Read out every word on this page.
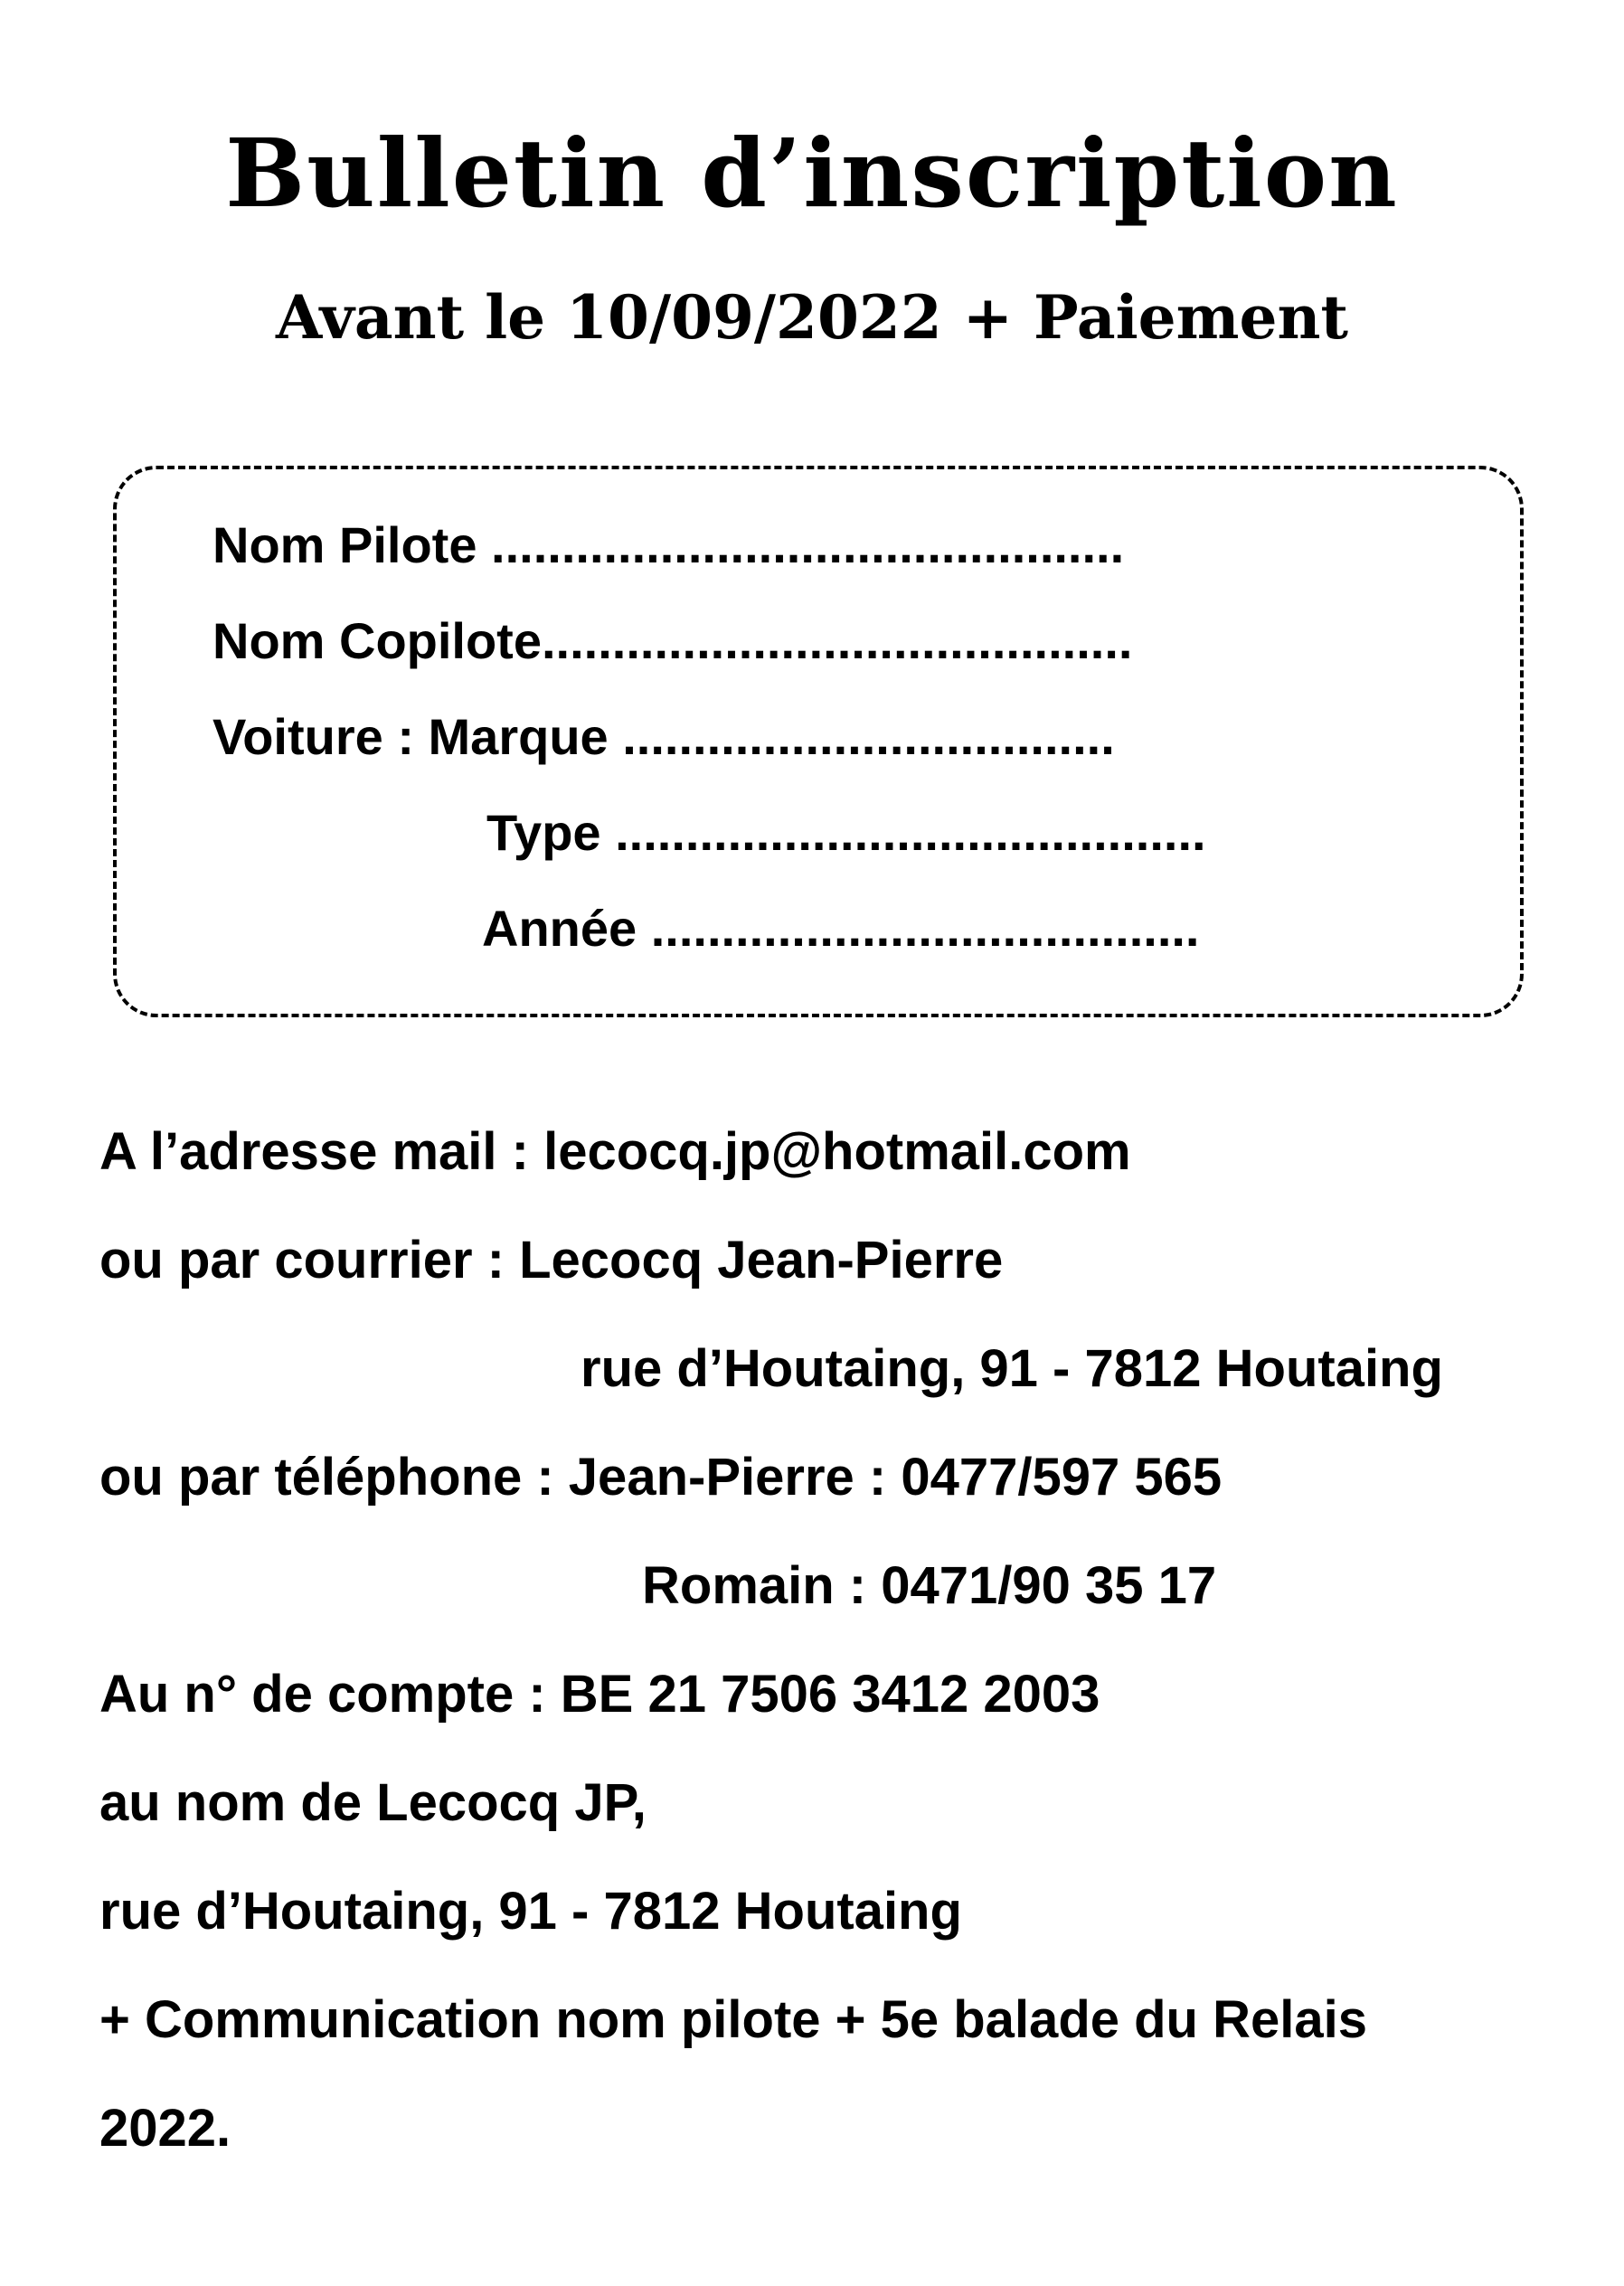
Bulletin d’inscription
Avant le 10/09/2022 + Paiement
Nom Pilote .............................................
Nom Copilote..........................................
Voiture : Marque ...................................
Type ..........................................
Année .......................................
A l’adresse mail : lecocq.jp@hotmail.com
ou par courrier : Lecocq Jean-Pierre
rue d’Houtaing, 91 - 7812 Houtaing
ou par téléphone : Jean-Pierre : 0477/597 565
Romain : 0471/90 35 17
Au n° de compte : BE 21 7506 3412 2003
au nom de Lecocq JP,
rue d’Houtaing, 91 - 7812 Houtaing
+ Communication nom pilote + 5e balade du Relais
2022.
